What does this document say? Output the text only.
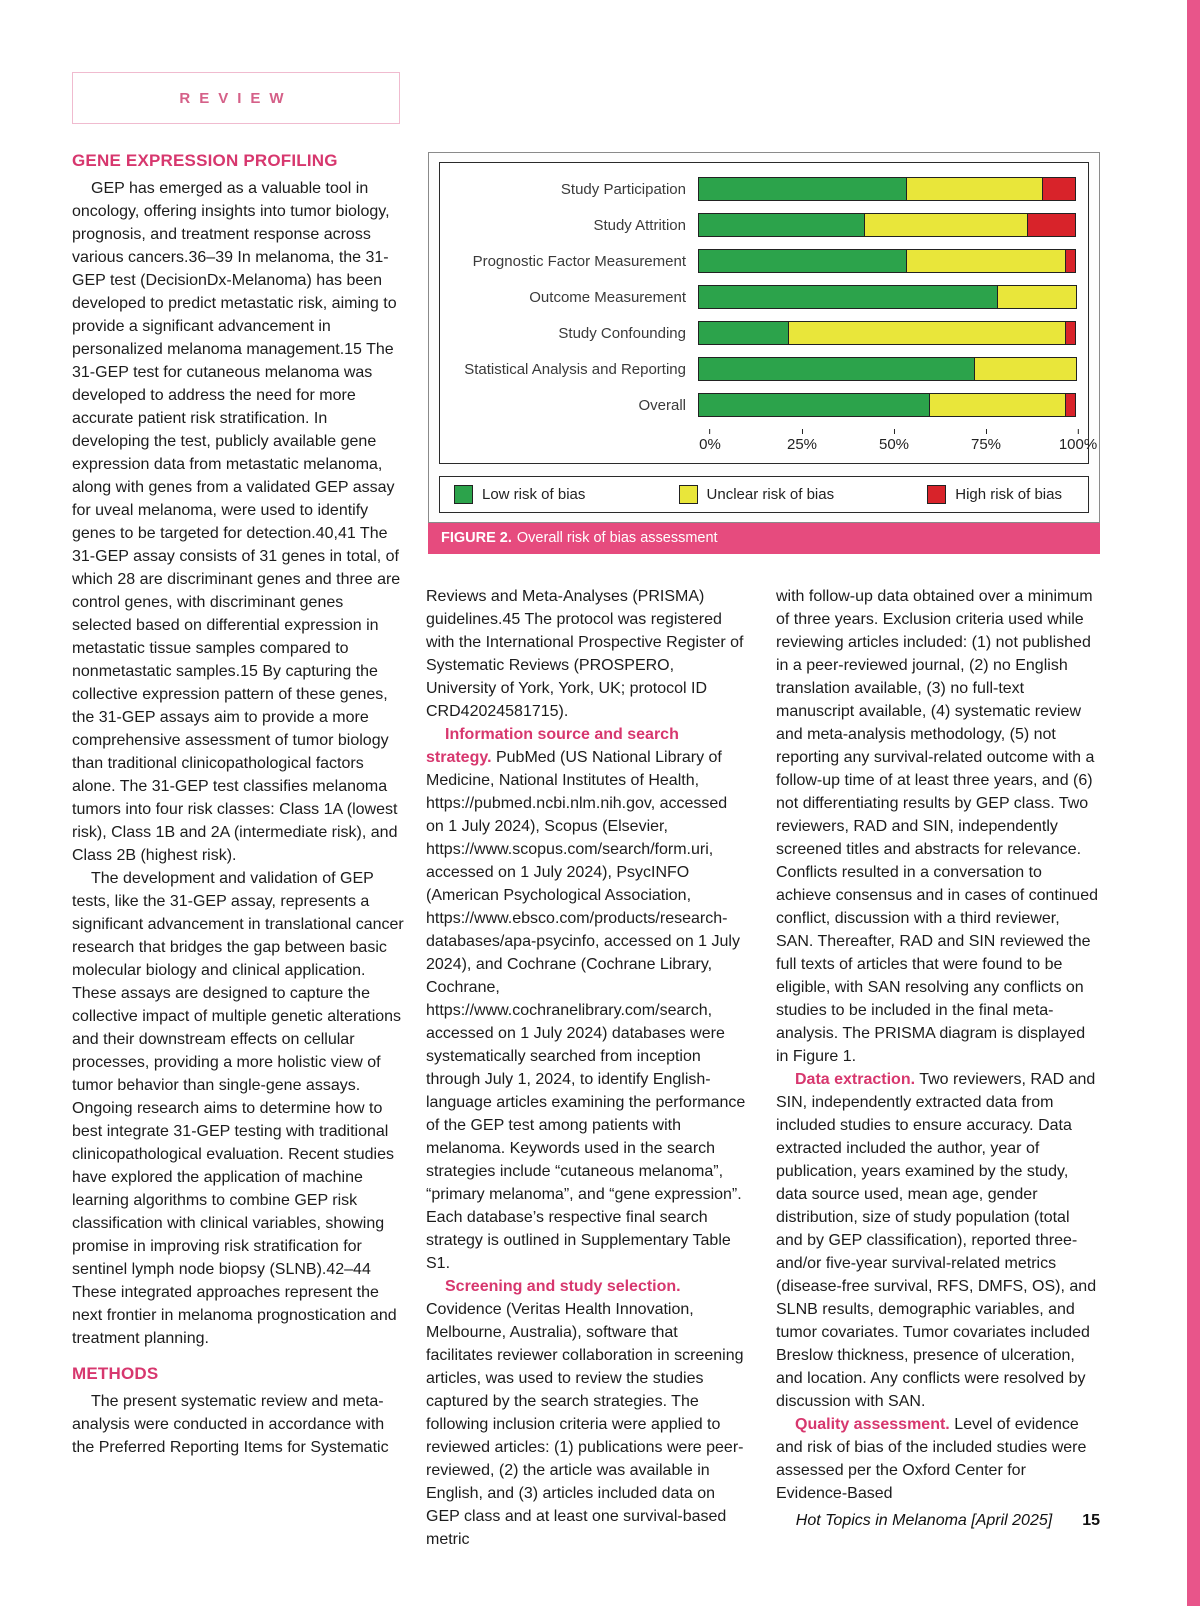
REVIEW
GENE EXPRESSION PROFILING

GEP has emerged as a valuable tool in oncology, offering insights into tumor biology, prognosis, and treatment response across various cancers.36–39 In melanoma, the 31-GEP test (DecisionDx-Melanoma) has been developed to predict metastatic risk, aiming to provide a significant advancement in personalized melanoma management.15 The 31-GEP test for cutaneous melanoma was developed to address the need for more accurate patient risk stratification. In developing the test, publicly available gene expression data from metastatic melanoma, along with genes from a validated GEP assay for uveal melanoma, were used to identify genes to be targeted for detection.40,41 The 31-GEP assay consists of 31 genes in total, of which 28 are discriminant genes and three are control genes, with discriminant genes selected based on differential expression in metastatic tissue samples compared to nonmetastatic samples.15 By capturing the collective expression pattern of these genes, the 31-GEP assays aim to provide a more comprehensive assessment of tumor biology than traditional clinicopathological factors alone. The 31-GEP test classifies melanoma tumors into four risk classes: Class 1A (lowest risk), Class 1B and 2A (intermediate risk), and Class 2B (highest risk).

The development and validation of GEP tests, like the 31-GEP assay, represents a significant advancement in translational cancer research that bridges the gap between basic molecular biology and clinical application. These assays are designed to capture the collective impact of multiple genetic alterations and their downstream effects on cellular processes, providing a more holistic view of tumor behavior than single-gene assays. Ongoing research aims to determine how to best integrate 31-GEP testing with traditional clinicopathological evaluation. Recent studies have explored the application of machine learning algorithms to combine GEP risk classification with clinical variables, showing promise in improving risk stratification for sentinel lymph node biopsy (SLNB).42–44 These integrated approaches represent the next frontier in melanoma prognostication and treatment planning.

METHODS

The present systematic review and meta-analysis were conducted in accordance with the Preferred Reporting Items for Systematic

Study Participation
Study Attrition
Prognostic Factor Measurement
Outcome Measurement
Study Confounding
Statistical Analysis and Reporting
Overall
0%	25%	50%	75%	100%
Low risk of bias	Unclear risk of bias	High risk of bias
FIGURE 2. Overall risk of bias assessment

Reviews and Meta-Analyses (PRISMA) guidelines.45 The protocol was registered with the International Prospective Register of Systematic Reviews (PROSPERO, University of York, York, UK; protocol ID CRD42024581715).

Information source and search strategy. PubMed (US National Library of Medicine, National Institutes of Health, https://pubmed.ncbi.nlm.nih.gov, accessed on 1 July 2024), Scopus (Elsevier, https://www.scopus.com/search/form.uri, accessed on 1 July 2024), PsycINFO (American Psychological Association, https://www.ebsco.com/products/research-databases/apa-psycinfo, accessed on 1 July 2024), and Cochrane (Cochrane Library, Cochrane, https://www.cochranelibrary.com/search, accessed on 1 July 2024) databases were systematically searched from inception through July 1, 2024, to identify English-language articles examining the performance of the GEP test among patients with melanoma. Keywords used in the search strategies include “cutaneous melanoma”, “primary melanoma”, and “gene expression”. Each database’s respective final search strategy is outlined in Supplementary Table S1.

Screening and study selection. Covidence (Veritas Health Innovation, Melbourne, Australia), software that facilitates reviewer collaboration in screening articles, was used to review the studies captured by the search strategies. The following inclusion criteria were applied to reviewed articles: (1) publications were peer-reviewed, (2) the article was available in English, and (3) articles included data on GEP class and at least one survival-based metric

with follow-up data obtained over a minimum of three years. Exclusion criteria used while reviewing articles included: (1) not published in a peer-reviewed journal, (2) no English translation available, (3) no full-text manuscript available, (4) systematic review and meta-analysis methodology, (5) not reporting any survival-related outcome with a follow-up time of at least three years, and (6) not differentiating results by GEP class. Two reviewers, RAD and SIN, independently screened titles and abstracts for relevance. Conflicts resulted in a conversation to achieve consensus and in cases of continued conflict, discussion with a third reviewer, SAN. Thereafter, RAD and SIN reviewed the full texts of articles that were found to be eligible, with SAN resolving any conflicts on studies to be included in the final meta-analysis. The PRISMA diagram is displayed in Figure 1.

Data extraction. Two reviewers, RAD and SIN, independently extracted data from included studies to ensure accuracy. Data extracted included the author, year of publication, years examined by the study, data source used, mean age, gender distribution, size of study population (total and by GEP classification), reported three- and/or five-year survival-related metrics (disease-free survival, RFS, DMFS, OS), and SLNB results, demographic variables, and tumor covariates. Tumor covariates included Breslow thickness, presence of ulceration, and location. Any conflicts were resolved by discussion with SAN.

Quality assessment. Level of evidence and risk of bias of the included studies were assessed per the Oxford Center for Evidence-Based

Hot Topics in Melanoma [April 2025] 15
